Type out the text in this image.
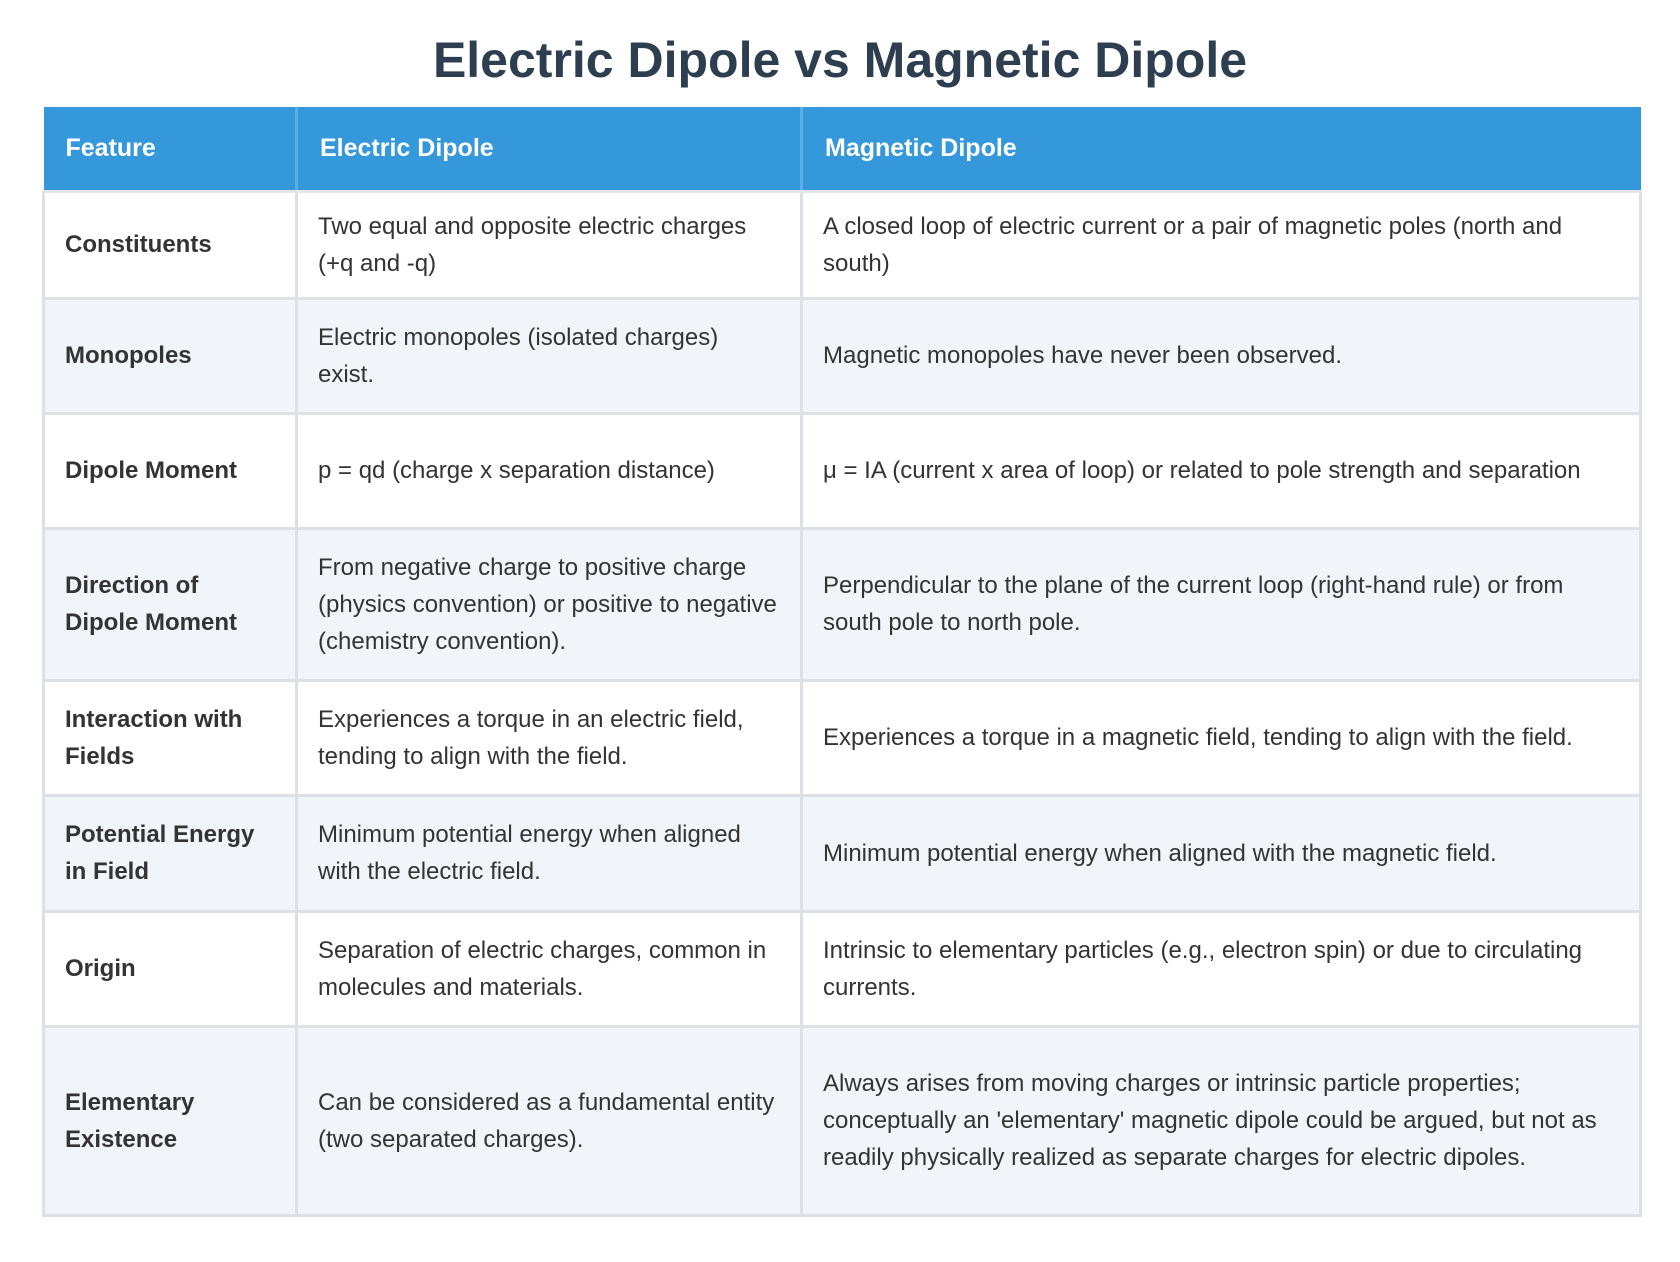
Electric Dipole vs Magnetic Dipole
Feature	Electric Dipole	Magnetic Dipole
Constituents	Two equal and opposite electric charges (+q and -q)	A closed loop of electric current or a pair of magnetic poles (north and south)
Monopoles	Electric monopoles (isolated charges) exist.	Magnetic monopoles have never been observed.
Dipole Moment	p = qd (charge x separation distance)	μ = IA (current x area of loop) or related to pole strength and separation
Direction of Dipole Moment	From negative charge to positive charge (physics convention) or positive to negative (chemistry convention).	Perpendicular to the plane of the current loop (right-hand rule) or from south pole to north pole.
Interaction with Fields	Experiences a torque in an electric field, tending to align with the field.	Experiences a torque in a magnetic field, tending to align with the field.
Potential Energy in Field	Minimum potential energy when aligned with the electric field.	Minimum potential energy when aligned with the magnetic field.
Origin	Separation of electric charges, common in molecules and materials.	Intrinsic to elementary particles (e.g., electron spin) or due to circulating currents.
Elementary Existence	Can be considered as a fundamental entity (two separated charges).	Always arises from moving charges or intrinsic particle properties; conceptually an 'elementary' magnetic dipole could be argued, but not as readily physically realized as separate charges for electric dipoles.
